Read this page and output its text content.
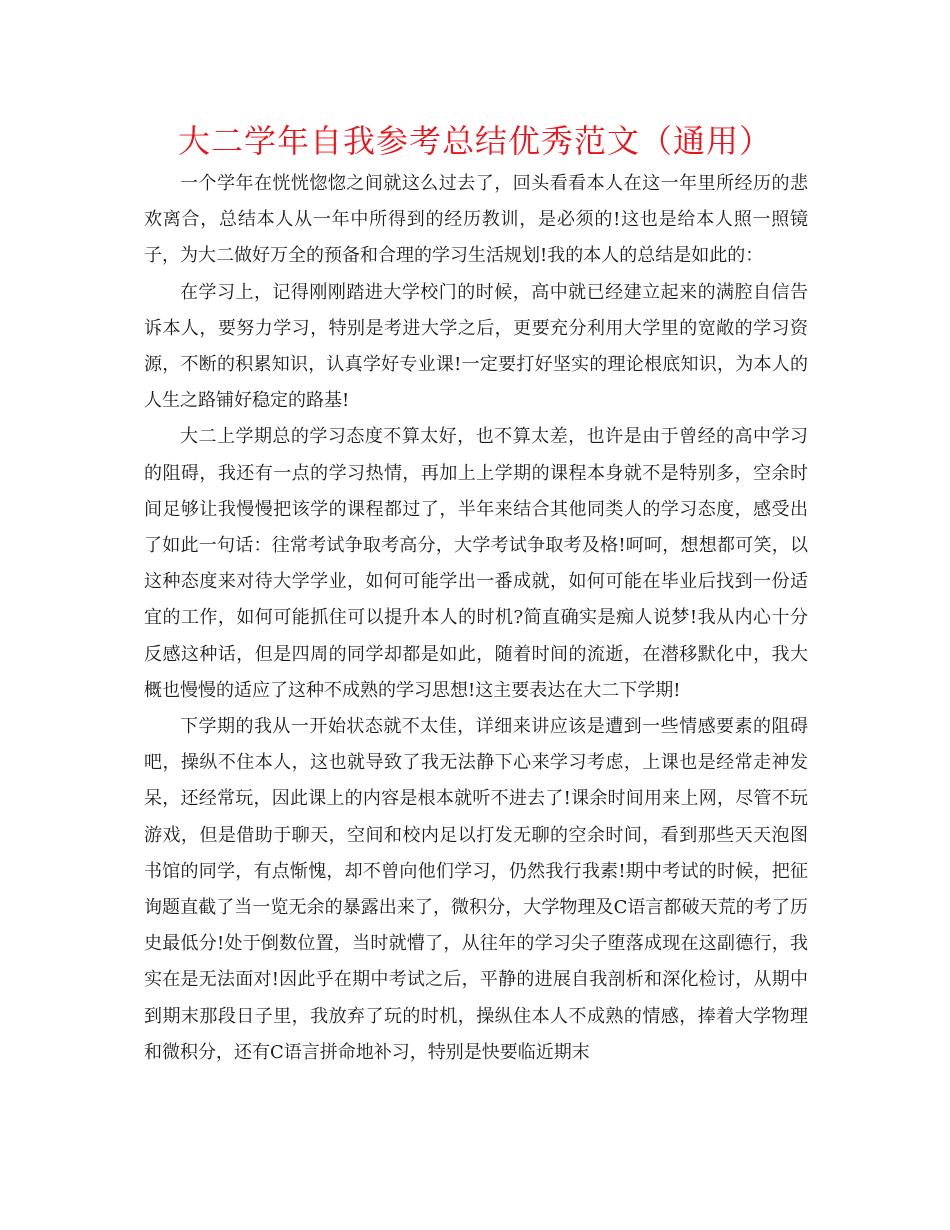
大二学年自我参考总结优秀范文（通用）

一个学年在恍恍惚惚之间就这么过去了，回头看看本人在这一年里所经历的悲欢离合，总结本人从一年中所得到的经历教训，是必须的!这也是给本人照一照镜子，为大二做好万全的预备和合理的学习生活规划!我的本人的总结是如此的：

在学习上，记得刚刚踏进大学校门的时候，高中就已经建立起来的满腔自信告诉本人，要努力学习，特别是考进大学之后，更要充分利用大学里的宽敞的学习资源，不断的积累知识，认真学好专业课!一定要打好坚实的理论根底知识，为本人的人生之路铺好稳定的路基!

大二上学期总的学习态度不算太好，也不算太差，也许是由于曾经的高中学习的阻碍，我还有一点的学习热情，再加上上学期的课程本身就不是特别多，空余时间足够让我慢慢把该学的课程都过了，半年来结合其他同类人的学习态度，感受出了如此一句话：往常考试争取考高分，大学考试争取考及格!呵呵，想想都可笑，以这种态度来对待大学学业，如何可能学出一番成就，如何可能在毕业后找到一份适宜的工作，如何可能抓住可以提升本人的时机?简直确实是痴人说梦!我从内心十分反感这种话，但是四周的同学却都是如此，随着时间的流逝，在潜移默化中，我大概也慢慢的适应了这种不成熟的学习思想!这主要表达在大二下学期!

下学期的我从一开始状态就不太佳，详细来讲应该是遭到一些情感要素的阻碍吧，操纵不住本人，这也就导致了我无法静下心来学习考虑，上课也是经常走神发呆，还经常玩，因此课上的内容是根本就听不进去了!课余时间用来上网，尽管不玩游戏，但是借助于聊天，空间和校内足以打发无聊的空余时间，看到那些天天泡图书馆的同学，有点惭愧，却不曾向他们学习，仍然我行我素!期中考试的时候，把征询题直截了当一览无余的暴露出来了，微积分，大学物理及C语言都破天荒的考了历史最低分!处于倒数位置，当时就懵了，从往年的学习尖子堕落成现在这副德行，我实在是无法面对!因此乎在期中考试之后，平静的进展自我剖析和深化检讨，从期中到期末那段日子里，我放弃了玩的时机，操纵住本人不成熟的情感，捧着大学物理和微积分，还有C语言拼命地补习，特别是快要临近期末
